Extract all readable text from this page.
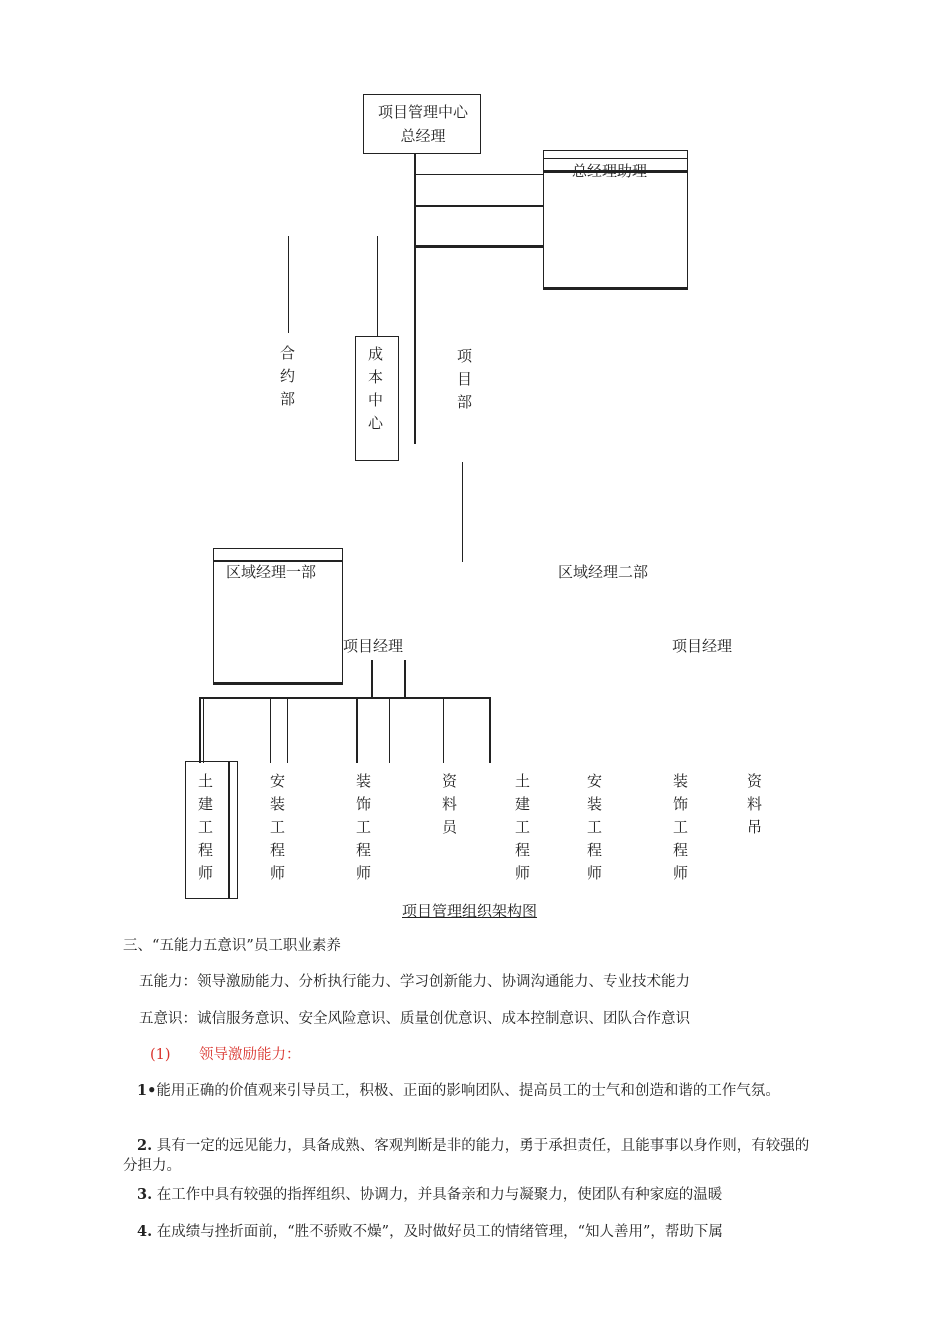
项目管理中心总经理
总经理助理
合约部	成本中心	项目部
区域经理一部	区域经理二部
项目经理	项目经理
土建工程师	安装工程师	装饰工程师	资料员	土建工程师	安装工程师	装饰工程师	资料吊
项目管理组织架构图
三、“五能力五意识”员工职业素养
五能力：领导激励能力、分析执行能力、学习创新能力、协调沟通能力、专业技术能力
五意识：诚信服务意识、安全风险意识、质量创优意识、成本控制意识、团队合作意识
(1) 领导激励能力：
1•能用正确的价值观来引导员工，积极、正面的影响团队、提高员工的士气和创造和谐的工作气氛。
2. 具有一定的远见能力，具备成熟、客观判断是非的能力，勇于承担责任，且能事事以身作则，有较强的分担力。
3. 在工作中具有较强的指挥组织、协调力，并具备亲和力与凝聚力，使团队有种家庭的温暖
4. 在成绩与挫折面前，“胜不骄败不燥”，及时做好员工的情绪管理，“知人善用”，帮助下属
